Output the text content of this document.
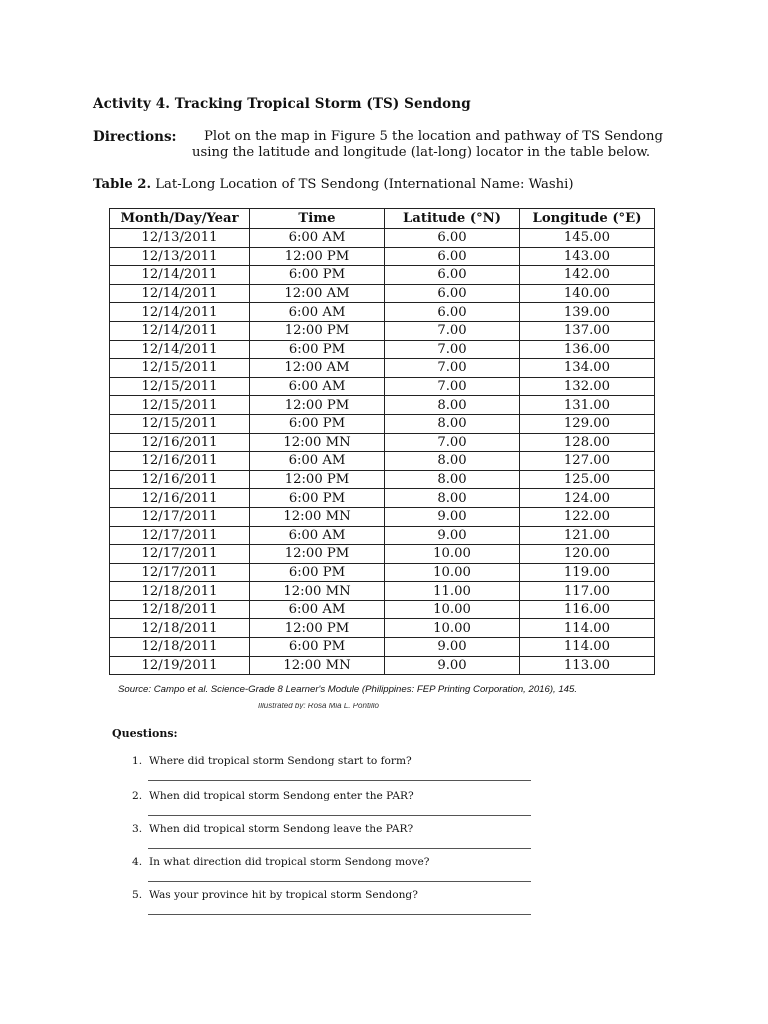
Activity 4. Tracking Tropical Storm (TS) Sendong
Directions: Plot on the map in Figure 5 the location and pathway of TS Sendong
using the latitude and longitude (lat-long) locator in the table below.
Table 2. Lat-Long Location of TS Sendong (International Name: Washi)
Month/Day/Year	Time	Latitude (°N)	Longitude (°E)
12/13/2011	6:00 AM	6.00	145.00
12/13/2011	12:00 PM	6.00	143.00
12/14/2011	6:00 PM	6.00	142.00
12/14/2011	12:00 AM	6.00	140.00
12/14/2011	6:00 AM	6.00	139.00
12/14/2011	12:00 PM	7.00	137.00
12/14/2011	6:00 PM	7.00	136.00
12/15/2011	12:00 AM	7.00	134.00
12/15/2011	6:00 AM	7.00	132.00
12/15/2011	12:00 PM	8.00	131.00
12/15/2011	6:00 PM	8.00	129.00
12/16/2011	12:00 MN	7.00	128.00
12/16/2011	6:00 AM	8.00	127.00
12/16/2011	12:00 PM	8.00	125.00
12/16/2011	6:00 PM	8.00	124.00
12/17/2011	12:00 MN	9.00	122.00
12/17/2011	6:00 AM	9.00	121.00
12/17/2011	12:00 PM	10.00	120.00
12/17/2011	6:00 PM	10.00	119.00
12/18/2011	12:00 MN	11.00	117.00
12/18/2011	6:00 AM	10.00	116.00
12/18/2011	12:00 PM	10.00	114.00
12/18/2011	6:00 PM	9.00	114.00
12/19/2011	12:00 MN	9.00	113.00
Source: Campo et al. Science-Grade 8 Learner's Module (Philippines: FEP Printing Corporation, 2016), 145.
Illustrated by: Rosa Mia L. Pontillo
Questions:
1. Where did tropical storm Sendong start to form?
2. When did tropical storm Sendong enter the PAR?
3. When did tropical storm Sendong leave the PAR?
4. In what direction did tropical storm Sendong move?
5. Was your province hit by tropical storm Sendong?
